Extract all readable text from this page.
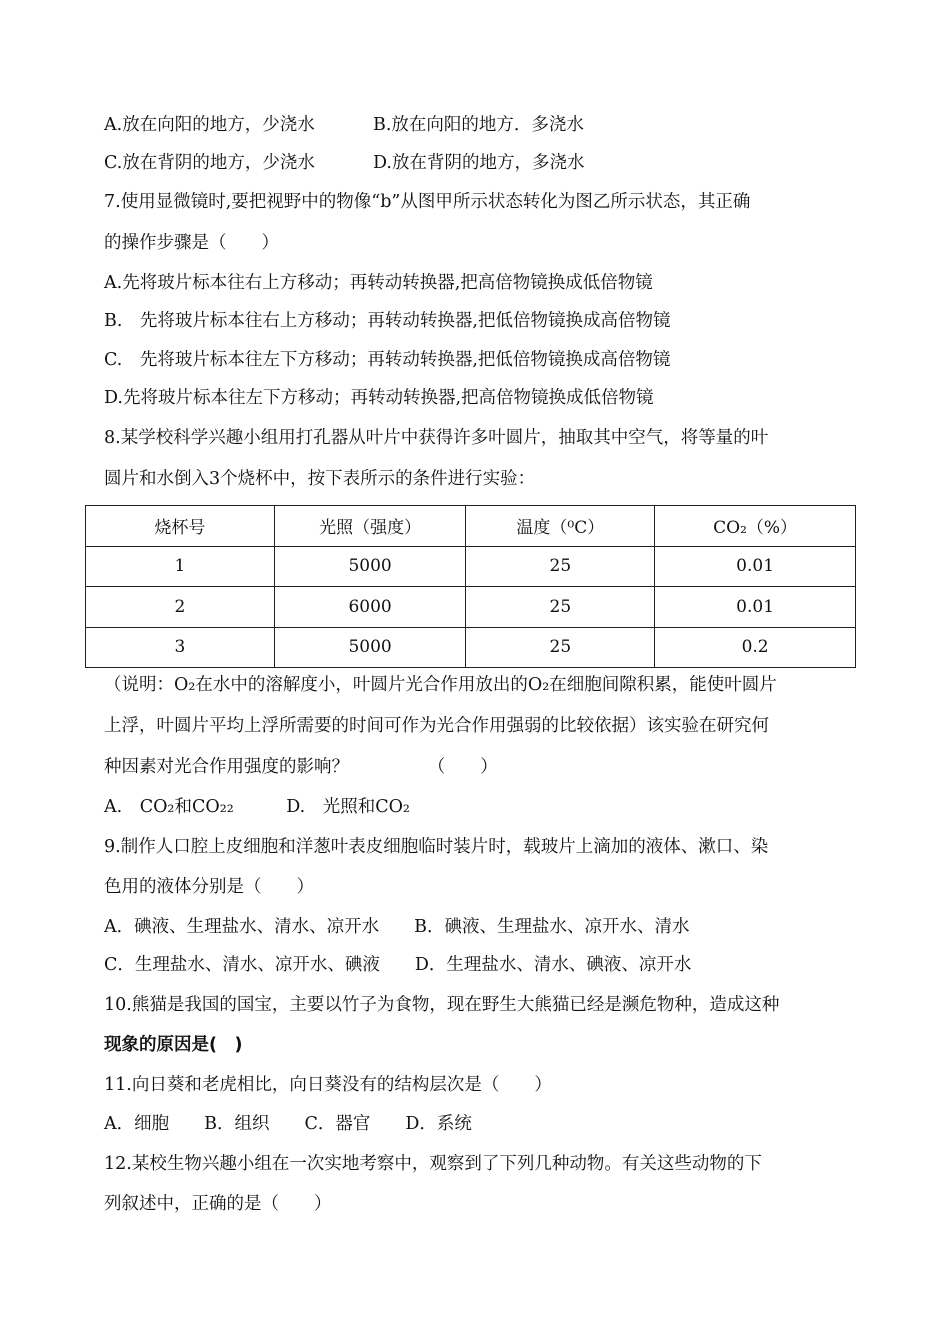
A.放在向阳的地方，少浇水	B.放在向阳的地方．多浇水
C.放在背阴的地方，少浇水	D.放在背阴的地方，多浇水
7.使用显微镜时,要把视野中的物像“b”从图甲所示状态转化为图乙所示状态，其正确
的操作步骤是（　　）
A.先将玻片标本往右上方移动；再转动转换器,把高倍物镜换成低倍物镜
B.　先将玻片标本往右上方移动；再转动转换器,把低倍物镜换成高倍物镜
C.　先将玻片标本往左下方移动；再转动转换器,把低倍物镜换成高倍物镜
D.先将玻片标本往左下方移动；再转动转换器,把高倍物镜换成低倍物镜
8.某学校科学兴趣小组用打孔器从叶片中获得许多叶圆片，抽取其中空气，将等量的叶
圆片和水倒入3个烧杯中，按下表所示的条件进行实验：
烧杯号	光照（强度）	温度（⁰C）	CO₂（%）
1	5000	25	0.01
2	6000	25	0.01
3	5000	25	0.2
（说明：O₂在水中的溶解度小，叶圆片光合作用放出的O₂在细胞间隙积累，能使叶圆片
上浮，叶圆片平均上浮所需要的时间可作为光合作用强弱的比较依据）该实验在研究何
种因素对光合作用强度的影响？　　　　　（　　）
A.　CO₂和CO₂₂　　　D.　光照和CO₂
9.制作人口腔上皮细胞和洋葱叶表皮细胞临时装片时，载玻片上滴加的液体、漱口、染
色用的液体分别是（　　）
A．碘液、生理盐水、清水、凉开水　　B．碘液、生理盐水、凉开水、清水
C．生理盐水、清水、凉开水、碘液　　D．生理盐水、清水、碘液、凉开水
10.熊猫是我国的国宝，主要以竹子为食物，现在野生大熊猫已经是濒危物种，造成这种
现象的原因是(　)
11.向日葵和老虎相比，向日葵没有的结构层次是（　　）
A．细胞　　B．组织　　C．器官　　D．系统
12.某校生物兴趣小组在一次实地考察中，观察到了下列几种动物。有关这些动物的下
列叙述中，正确的是（　　）
